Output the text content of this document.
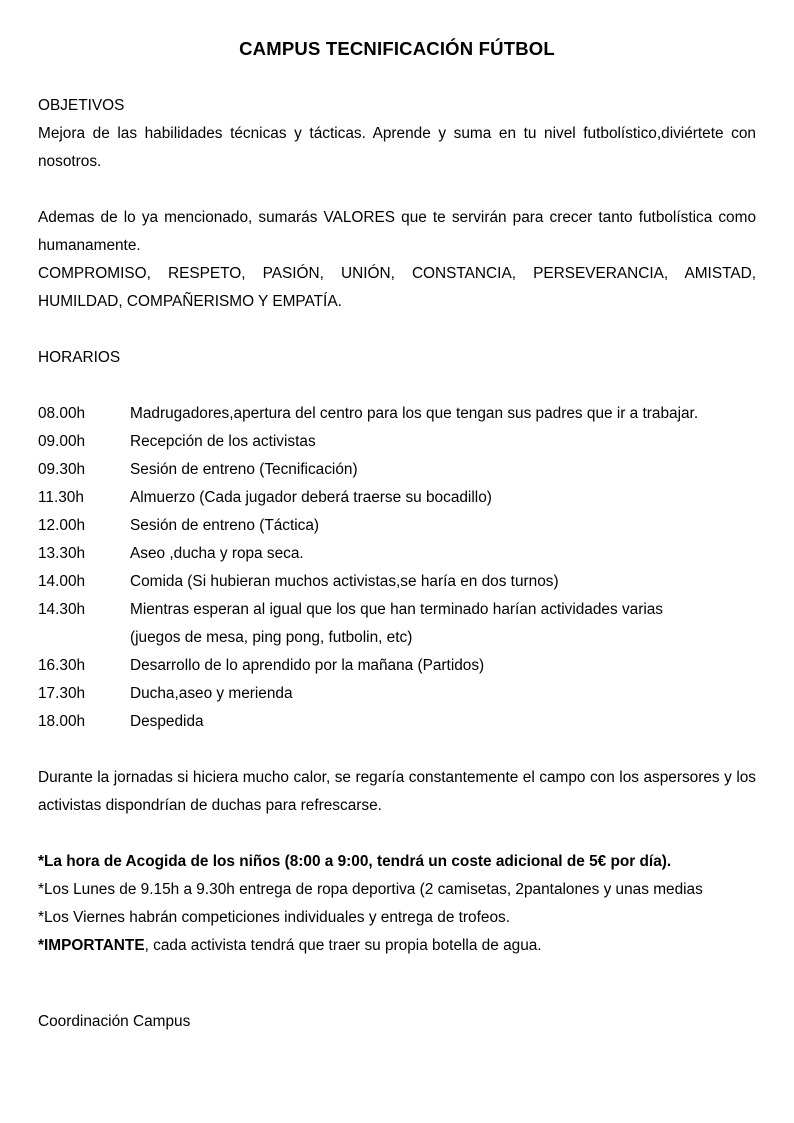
CAMPUS TECNIFICACIÓN FÚTBOL
OBJETIVOS

Mejora de las habilidades técnicas y tácticas. Aprende y suma en tu nivel futbolístico,diviértete con nosotros.

Ademas de lo ya mencionado, sumarás VALORES que te servirán para crecer tanto futbolística como humanamente.

COMPROMISO, RESPETO, PASIÓN, UNIÓN, CONSTANCIA, PERSEVERANCIA, AMISTAD, HUMILDAD, COMPAÑERISMO Y EMPATÍA.

HORARIOS
08.00h	Madrugadores,apertura del centro para los que tengan sus padres que ir a trabajar.
09.00h	Recepción de los activistas
09.30h	Sesión de entreno (Tecnificación)
11.30h	Almuerzo (Cada jugador deberá traerse su bocadillo)
12.00h	Sesión de entreno (Táctica)
13.30h	Aseo ,ducha y ropa seca.
14.00h	Comida (Si hubieran muchos activistas,se haría en dos turnos)
14.30h	Mientras esperan al igual que los que han terminado harían actividades varias
(juegos de mesa, ping pong, futbolin, etc)
16.30h	Desarrollo de lo aprendido por la mañana (Partidos)
17.30h	Ducha,aseo y merienda
18.00h	Despedida

Durante la jornadas si hiciera mucho calor, se regaría constantemente el campo con los aspersores y los activistas dispondrían de duchas para refrescarse.

*La hora de Acogida de los niños (8:00 a 9:00, tendrá un coste adicional de 5€ por día).
*Los Lunes de 9.15h a 9.30h entrega de ropa deportiva (2 camisetas, 2pantalones y unas medias
*Los Viernes habrán competiciones individuales y entrega de trofeos.
*IMPORTANTE, cada activista tendrá que traer su propia botella de agua.
Coordinación Campus
